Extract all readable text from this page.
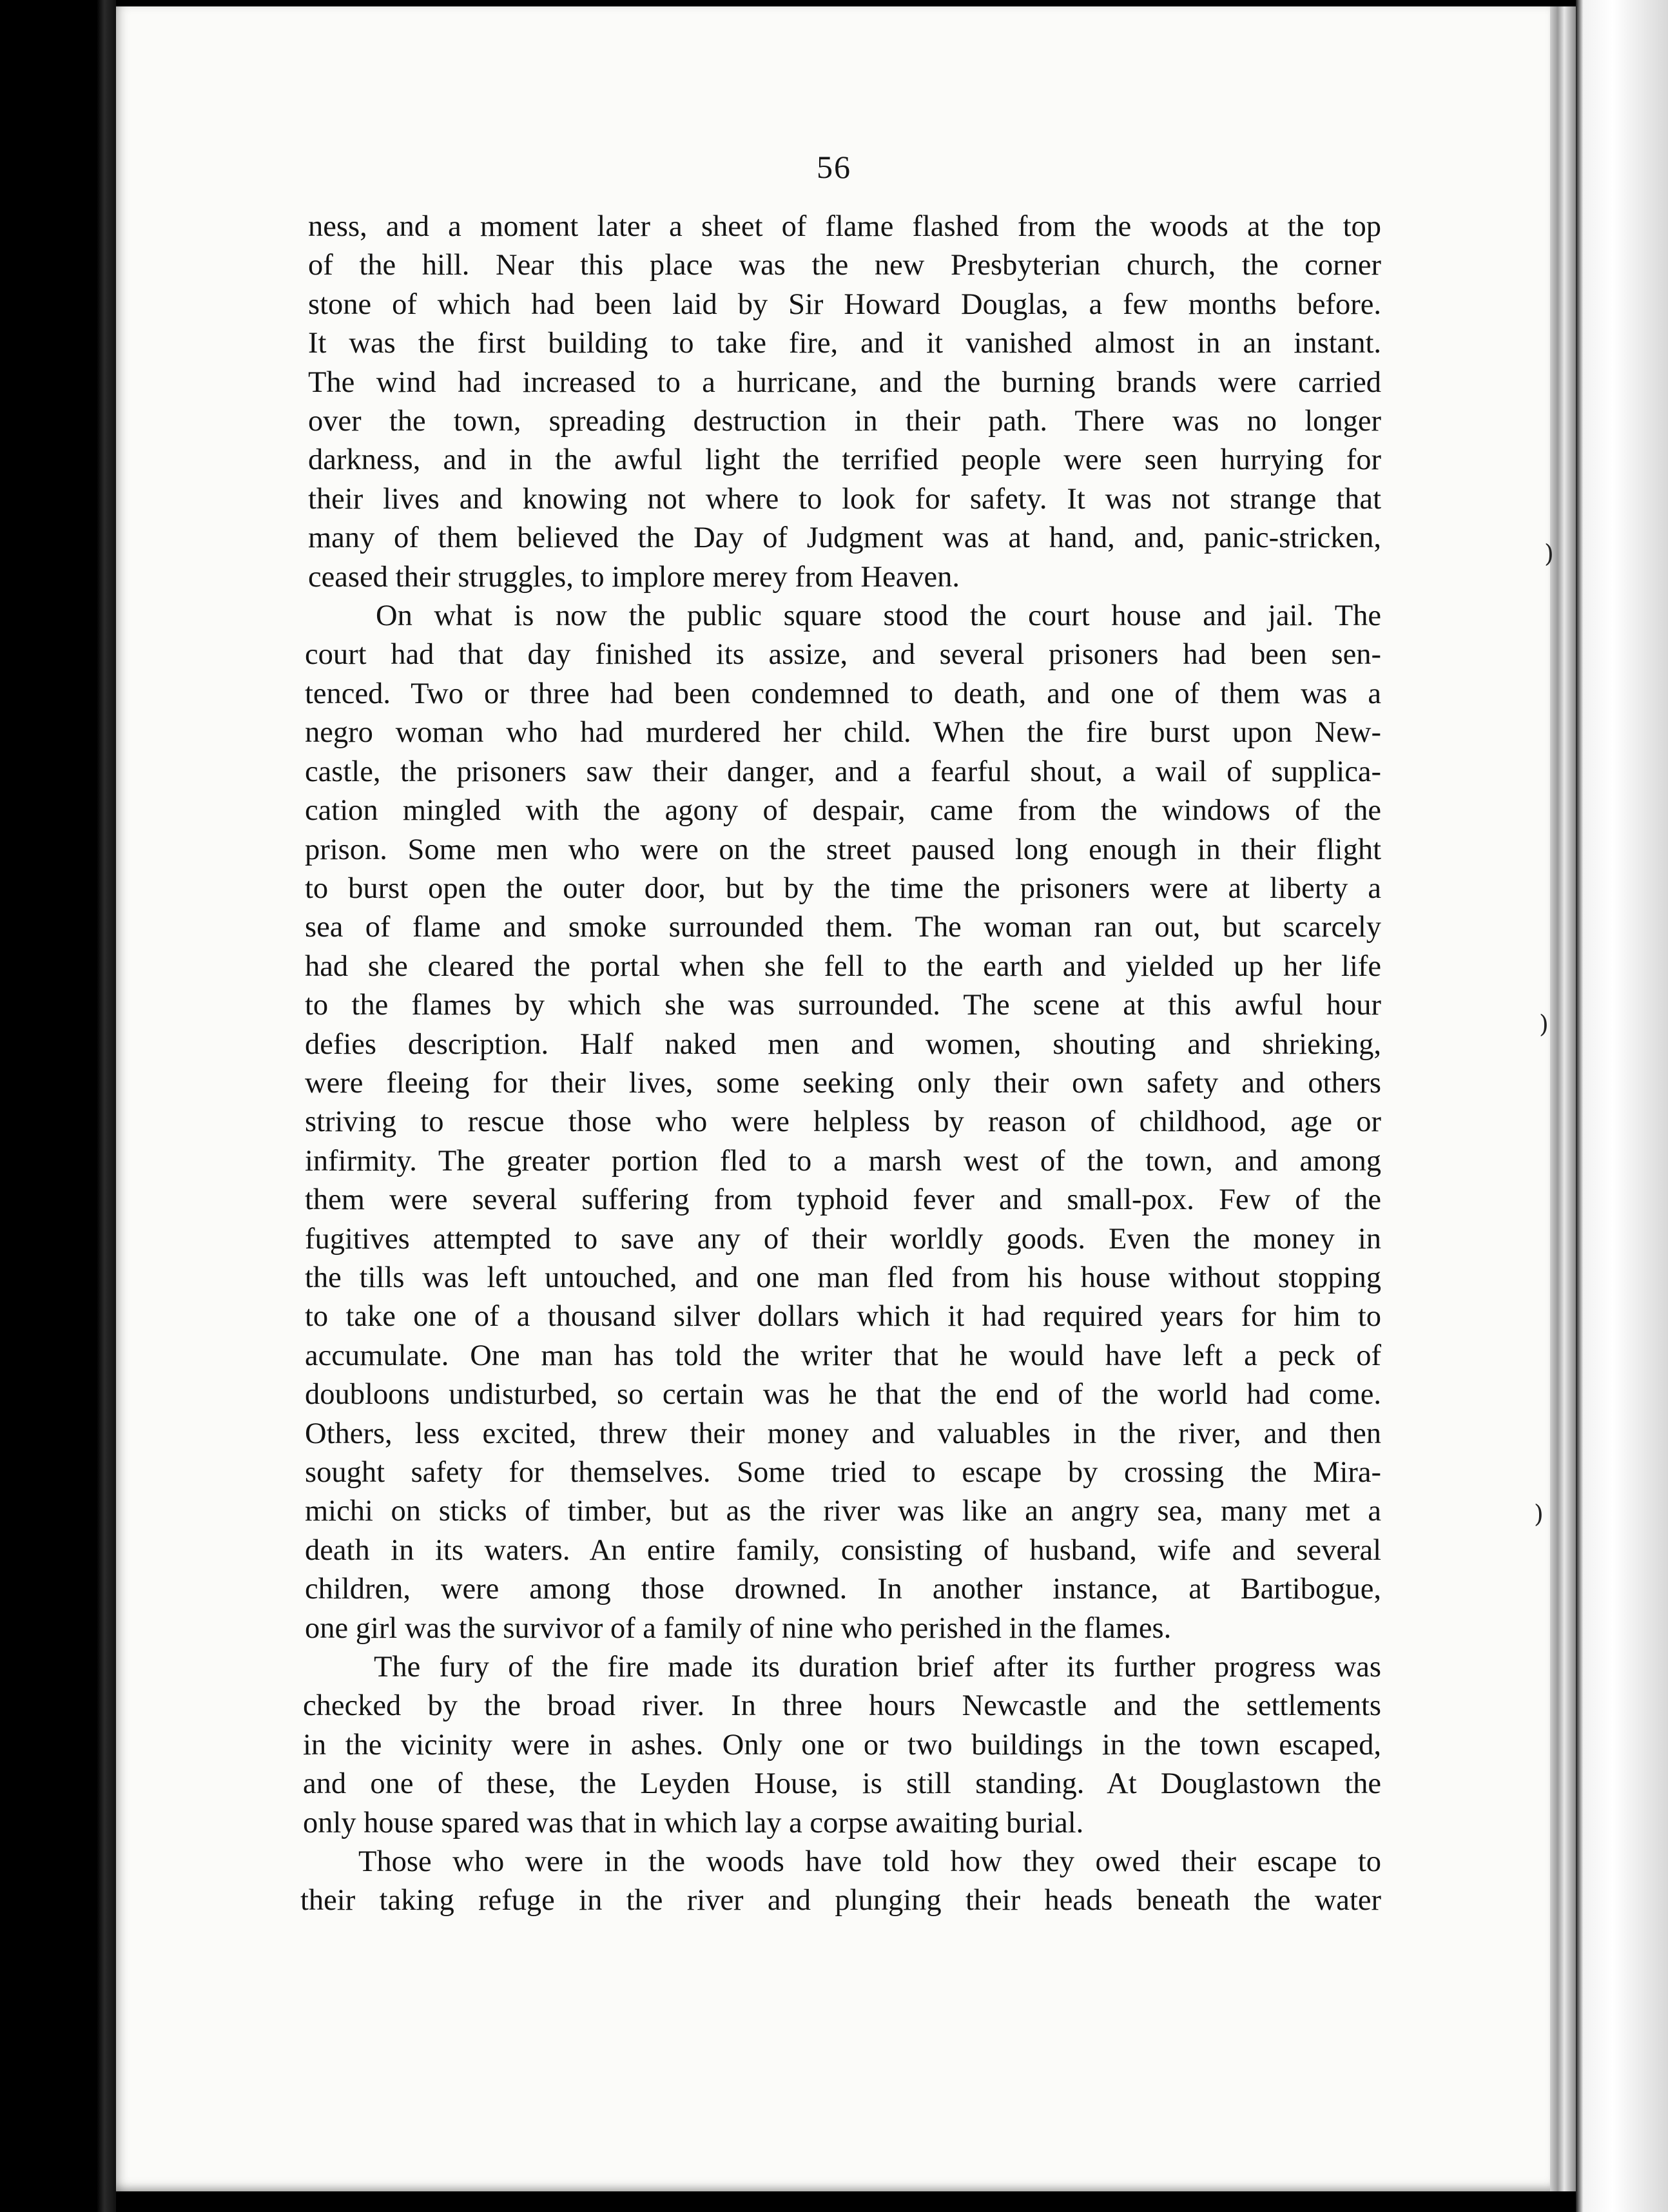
)
)
)
56

ness, and a moment later a sheet of flame flashed from the woods at the top
of the hill. Near this place was the new Presbyterian church, the corner
stone of which had been laid by Sir Howard Douglas, a few months before.
It was the first building to take fire, and it vanished almost in an instant.
The wind had increased to a hurricane, and the burning brands were carried
over the town, spreading destruction in their path. There was no longer
darkness, and in the awful light the terrified people were seen hurrying for
their lives and knowing not where to look for safety. It was not strange that
many of them believed the Day of Judgment was at hand, and, panic-stricken,
ceased their struggles, to implore merey from Heaven.

On what is now the public square stood the court house and jail. The
court had that day finished its assize, and several prisoners had been sen-
tenced. Two or three had been condemned to death, and one of them was a
negro woman who had murdered her child. When the fire burst upon New-
castle, the prisoners saw their danger, and a fearful shout, a wail of supplica-
cation mingled with the agony of despair, came from the windows of the
prison. Some men who were on the street paused long enough in their flight
to burst open the outer door, but by the time the prisoners were at liberty a
sea of flame and smoke surrounded them. The woman ran out, but scarcely
had she cleared the portal when she fell to the earth and yielded up her life
to the flames by which she was surrounded. The scene at this awful hour
defies description. Half naked men and women, shouting and shrieking,
were fleeing for their lives, some seeking only their own safety and others
striving to rescue those who were helpless by reason of childhood, age or
infirmity. The greater portion fled to a marsh west of the town, and among
them were several suffering from typhoid fever and small-pox. Few of the
fugitives attempted to save any of their worldly goods. Even the money in
the tills was left untouched, and one man fled from his house without stopping
to take one of a thousand silver dollars which it had required years for him to
accumulate. One man has told the writer that he would have left a peck of
doubloons undisturbed, so certain was he that the end of the world had come.
Others, less excited, threw their money and valuables in the river, and then
sought safety for themselves. Some tried to escape by crossing the Mira-
michi on sticks of timber, but as the river was like an angry sea, many met a
death in its waters. An entire family, consisting of husband, wife and several
children, were among those drowned. In another instance, at Bartibogue,
one girl was the survivor of a family of nine who perished in the flames.

The fury of the fire made its duration brief after its further progress was
checked by the broad river. In three hours Newcastle and the settlements
in the vicinity were in ashes. Only one or two buildings in the town escaped,
and one of these, the Leyden House, is still standing. At Douglastown the
only house spared was that in which lay a corpse awaiting burial.

Those who were in the woods have told how they owed their escape to
their taking refuge in the river and plunging their heads beneath the water
